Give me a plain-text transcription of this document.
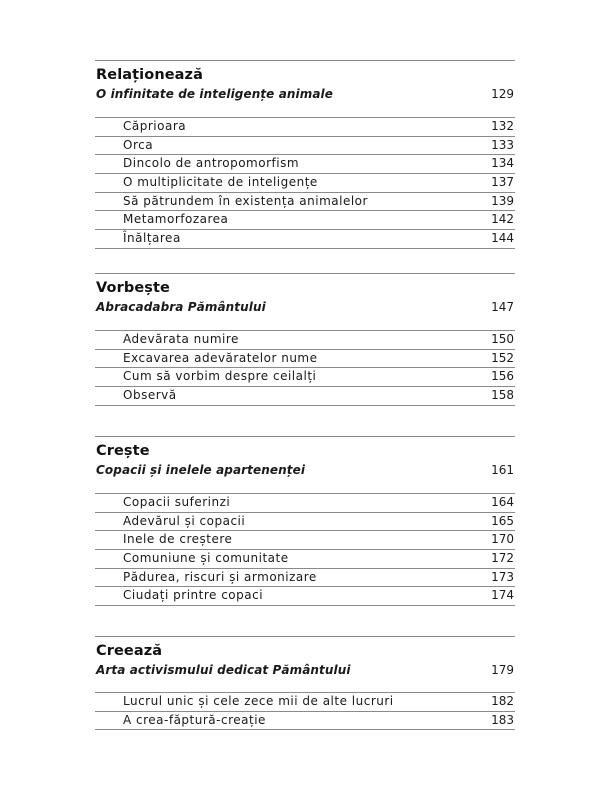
Relaționează
O infinitate de inteligențe animale	129
Căprioara	132
Orca	133
Dincolo de antropomorfism	134
O multiplicitate de inteligențe	137
Să pătrundem în existența animalelor	139
Metamorfozarea	142
Înălțarea	144
Vorbește
Abracadabra Pământului	147
Adevărata numire	150
Excavarea adevăratelor nume	152
Cum să vorbim despre ceilalți	156
Observă	158
Crește
Copacii și inelele apartenenței	161
Copacii suferinzi	164
Adevărul și copacii	165
Inele de creștere	170
Comuniune și comunitate	172
Pădurea, riscuri și armonizare	173
Ciudați printre copaci	174
Creează
Arta activismului dedicat Pământului	179
Lucrul unic și cele zece mii de alte lucruri	182
A crea-făptură-creație	183
